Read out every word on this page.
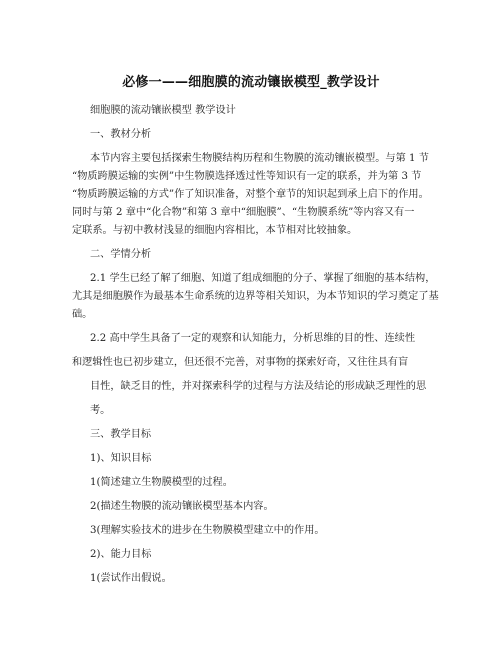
必修一——细胞膜的流动镶嵌模型_教学设计
细胞膜的流动镶嵌模型 教学设计
一、教材分析
本节内容主要包括探索生物膜结构历程和生物膜的流动镶嵌模型。与第 1 节
“物质跨膜运输的实例”中生物膜选择透过性等知识有一定的联系，并为第 3 节
“物质跨膜运输的方式”作了知识准备，对整个章节的知识起到承上启下的作用。
同时与第 2 章中“化合物”和第 3 章中“细胞膜”、“生物膜系统”等内容又有一
定联系。与初中教材浅显的细胞内容相比，本节相对比较抽象。
二、学情分析
2.1 学生已经了解了细胞、知道了组成细胞的分子、掌握了细胞的基本结构，
尤其是细胞膜作为最基本生命系统的边界等相关知识，为本节知识的学习奠定了基
础。
2.2 高中学生具备了一定的观察和认知能力，分析思维的目的性、连续性
和逻辑性也已初步建立，但还很不完善，对事物的探索好奇，又往往具有盲
目性，缺乏目的性，并对探索科学的过程与方法及结论的形成缺乏理性的思
考。
三、教学目标
1)、知识目标
1(简述建立生物膜模型的过程。
2(描述生物膜的流动镶嵌模型基本内容。
3(理解实验技术的进步在生物膜模型建立中的作用。
2)、能力目标
1(尝试作出假说。
